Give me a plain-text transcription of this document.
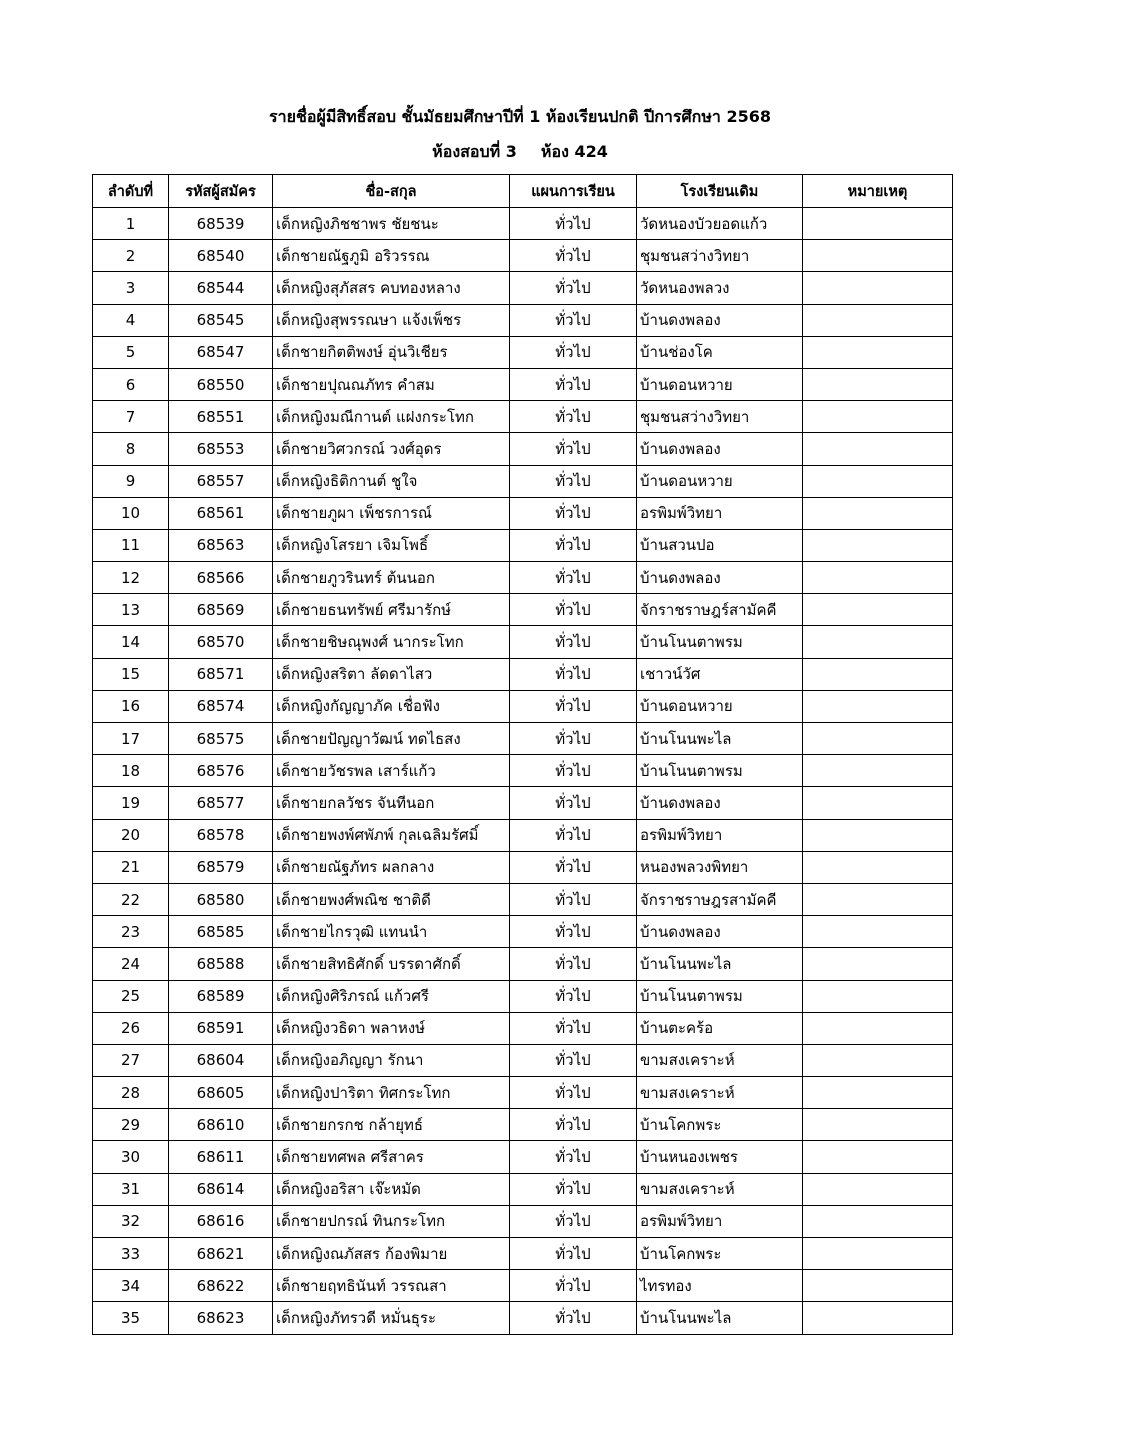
รายชื่อผู้มีสิทธิ์สอบ ชั้นมัธยมศึกษาปีที่ 1 ห้องเรียนปกติ ปีการศึกษา 2568
ห้องสอบที่ 3 ห้อง 424
ลำดับที่	รหัสผู้สมัคร	ชื่อ-สกุล	แผนการเรียน	โรงเรียนเดิม	หมายเหตุ
1	68539	เด็กหญิงภิชชาพร ชัยชนะ	ทั่วไป	วัดหนองบัวยอดแก้ว	
2	68540	เด็กชายณัฐภูมิ อริวรรณ	ทั่วไป	ชุมชนสว่างวิทยา	
3	68544	เด็กหญิงสุภัสสร คบทองหลาง	ทั่วไป	วัดหนองพลวง	
4	68545	เด็กหญิงสุพรรณษา แจ้งเพ็ชร	ทั่วไป	บ้านดงพลอง	
5	68547	เด็กชายกิตติพงษ์ อุ่นวิเชียร	ทั่วไป	บ้านช่องโค	
6	68550	เด็กชายปุณณภัทร คำสม	ทั่วไป	บ้านดอนหวาย	
7	68551	เด็กหญิงมณีกานต์ แฝงกระโทก	ทั่วไป	ชุมชนสว่างวิทยา	
8	68553	เด็กชายวิศวกรณ์ วงศ์อุดร	ทั่วไป	บ้านดงพลอง	
9	68557	เด็กหญิงธิติกานต์ ชูใจ	ทั่วไป	บ้านดอนหวาย	
10	68561	เด็กชายภูผา เพ็ชรการณ์	ทั่วไป	อรพิมพ์วิทยา	
11	68563	เด็กหญิงโสรยา เจิมโพธิ์	ทั่วไป	บ้านสวนปอ	
12	68566	เด็กชายภูวรินทร์ ต้นนอก	ทั่วไป	บ้านดงพลอง	
13	68569	เด็กชายธนทรัพย์ ศรีมารักษ์	ทั่วไป	จักราชราษฎร์สามัคคี	
14	68570	เด็กชายชิษณุพงศ์ นากระโทก	ทั่วไป	บ้านโนนตาพรม	
15	68571	เด็กหญิงสริตา ลัดดาไสว	ทั่วไป	เชาวน์วัศ	
16	68574	เด็กหญิงกัญญาภัค เชื่อฟัง	ทั่วไป	บ้านดอนหวาย	
17	68575	เด็กชายปัญญาวัฒน์ ทดไธสง	ทั่วไป	บ้านโนนพะไล	
18	68576	เด็กชายวัชรพล เสาร์แก้ว	ทั่วไป	บ้านโนนตาพรม	
19	68577	เด็กชายกลวัชร จันทีนอก	ทั่วไป	บ้านดงพลอง	
20	68578	เด็กชายพงพ์ศพัภพ์ กุลเฉลิมรัศมิ์	ทั่วไป	อรพิมพ์วิทยา	
21	68579	เด็กชายณัฐภัทร ผลกลาง	ทั่วไป	หนองพลวงพิทยา	
22	68580	เด็กชายพงศ์พณิช ชาติดี	ทั่วไป	จักราชราษฎรสามัคคี	
23	68585	เด็กชายไกรวุฒิ แทนนำ	ทั่วไป	บ้านดงพลอง	
24	68588	เด็กชายสิทธิศักดิ์ บรรดาศักดิ์	ทั่วไป	บ้านโนนพะไล	
25	68589	เด็กหญิงศิริภรณ์ แก้วศรี	ทั่วไป	บ้านโนนตาพรม	
26	68591	เด็กหญิงวธิดา พลาหงษ์	ทั่วไป	บ้านตะคร้อ	
27	68604	เด็กหญิงอภิญญา รักนา	ทั่วไป	ขามสงเคราะห์	
28	68605	เด็กหญิงปาริตา ทิศกระโทก	ทั่วไป	ขามสงเคราะห์	
29	68610	เด็กชายกรกช กล้ายุทธ์	ทั่วไป	บ้านโคกพระ	
30	68611	เด็กชายทศพล ศรีสาคร	ทั่วไป	บ้านหนองเพชร	
31	68614	เด็กหญิงอริสา เจ๊ะหมัด	ทั่วไป	ขามสงเคราะห์	
32	68616	เด็กชายปกรณ์ ทินกระโทก	ทั่วไป	อรพิมพ์วิทยา	
33	68621	เด็กหญิงณภัสสร ก้องพิมาย	ทั่วไป	บ้านโคกพระ	
34	68622	เด็กชายฤทธินันท์ วรรณสา	ทั่วไป	ไทรทอง	
35	68623	เด็กหญิงภัทรวดี หมั่นธุระ	ทั่วไป	บ้านโนนพะไล	
